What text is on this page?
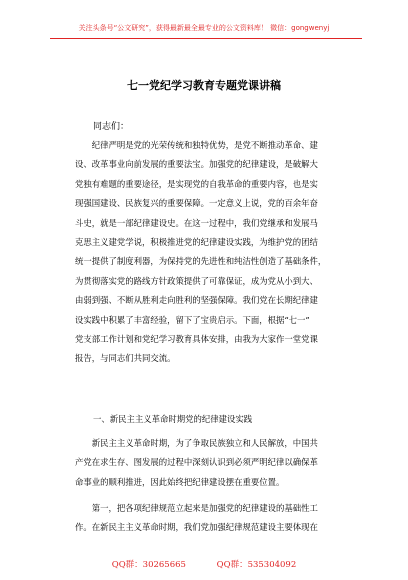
关注头条号“公文研究”，获得最新最全最专业的公文资料库！ 微信：gongwenyj
七一党纪学习教育专题党课讲稿
同志们：
　　纪律严明是党的光荣传统和独特优势，是党不断推动革命、建
设、改革事业向前发展的重要法宝。加强党的纪律建设，是破解大
党独有难题的重要途径，是实现党的自我革命的重要内容，也是实
现强国建设、民族复兴的重要保障。一定意义上说，党的百余年奋
斗史，就是一部纪律建设史。在这一过程中，我们党继承和发展马
克思主义建党学说，积极推进党的纪律建设实践，为维护党的团结
统一提供了制度利器，为保持党的先进性和纯洁性创造了基础条件，
为贯彻落实党的路线方针政策提供了可靠保证，成为党从小到大、
由弱到强、不断从胜利走向胜利的坚强保障。我们党在长期纪律建
设实践中积累了丰富经验，留下了宝贵启示。下面，根据“七一”
党支部工作计划和党纪学习教育具体安排，由我为大家作一堂党课
报告，与同志们共同交流。
一、新民主主义革命时期党的纪律建设实践
　　新民主主义革命时期，为了争取民族独立和人民解放，中国共
产党在求生存、图发展的过程中深刻认识到必须严明纪律以确保革
命事业的顺利推进，因此始终把纪律建设摆在重要位置。
　　第一，把各项纪律规范立起来是加强党的纪律建设的基础性工
作。在新民主主义革命时期，我们党加强纪律规范建设主要体现在
QQ群：30265665	QQ群：535304092
